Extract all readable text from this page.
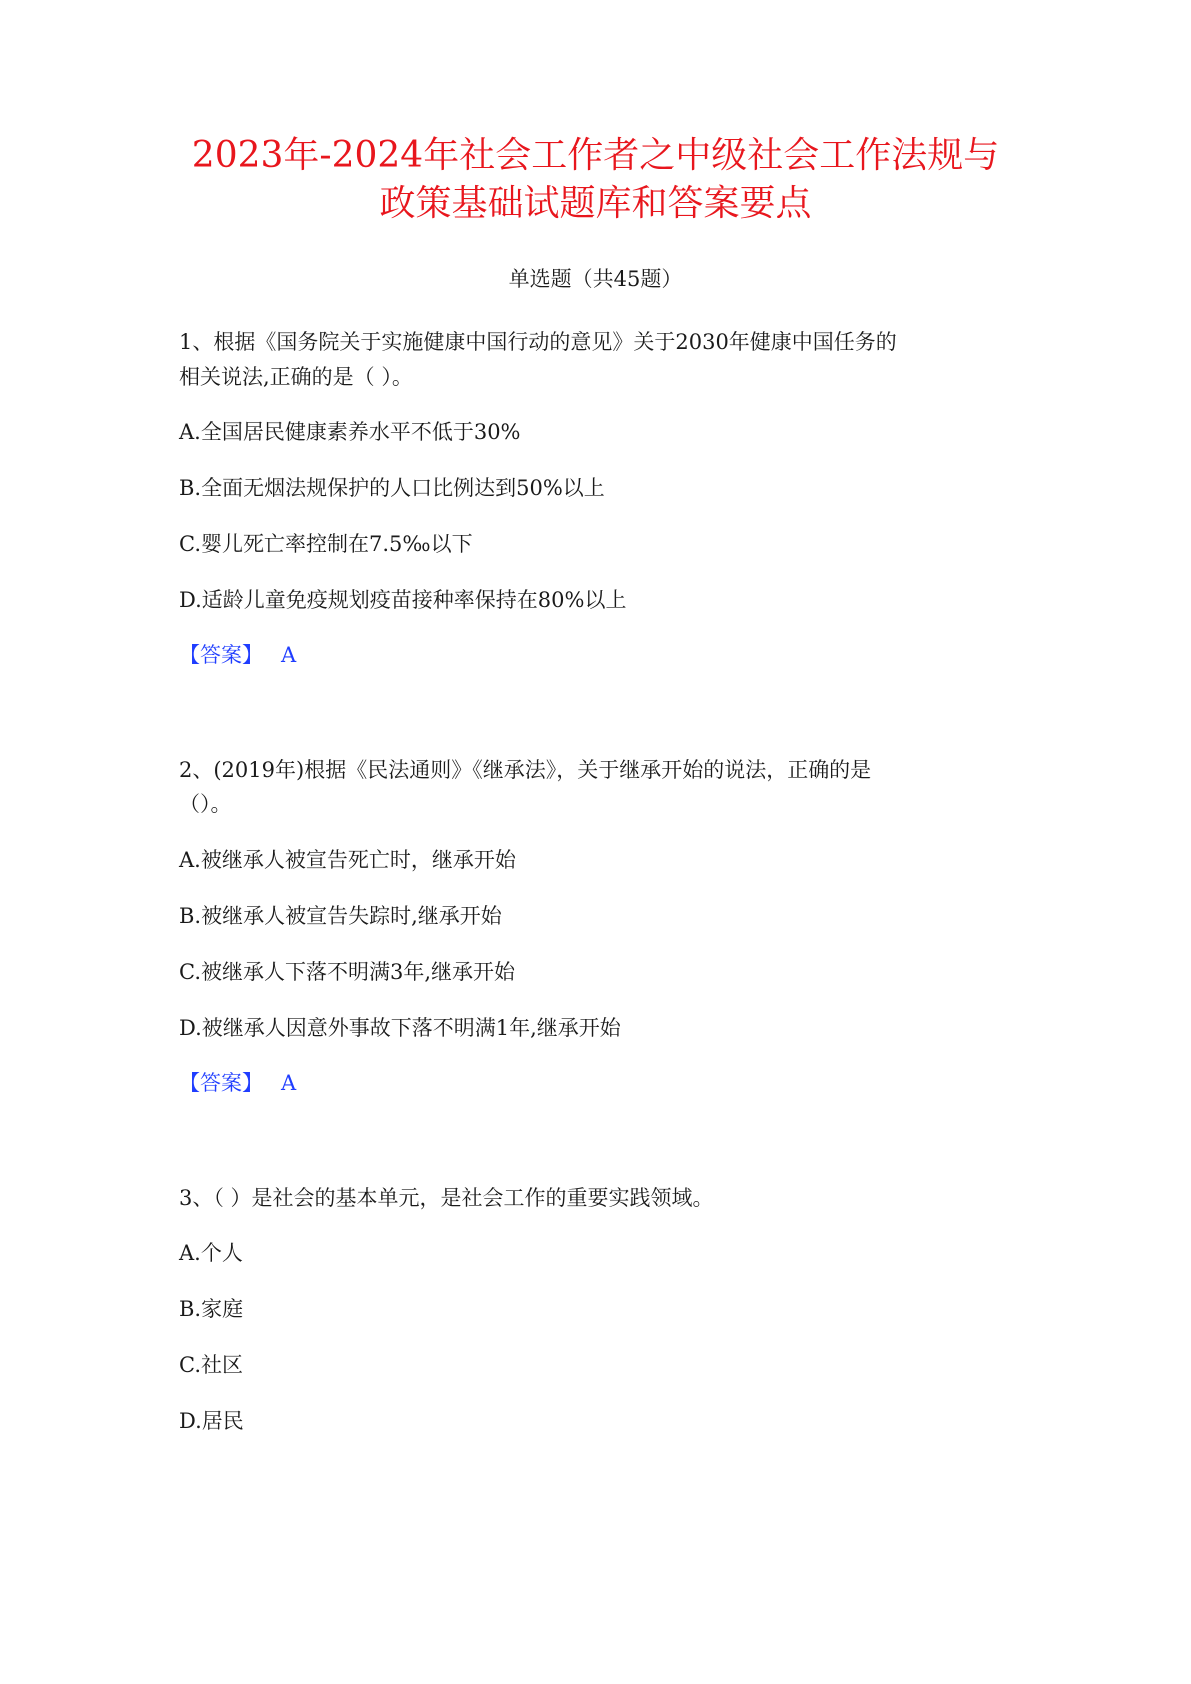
2023年-2024年社会工作者之中级社会工作法规与
政策基础试题库和答案要点
单选题（共45题）
1、根据《国务院关于实施健康中国行动的意见》关于2030年健康中国任务的
相关说法,正确的是（ ）。
A.全国居民健康素养水平不低于30%
B.全面无烟法规保护的人口比例达到50%以上
C.婴儿死亡率控制在7.5‰以下
D.适龄儿童免疫规划疫苗接种率保持在80%以上
【答案】 A
2、(2019年)根据《民法通则》《继承法》，关于继承开始的说法，正确的是
（）。
A.被继承人被宣告死亡时，继承开始
B.被继承人被宣告失踪时,继承开始
C.被继承人下落不明满3年,继承开始
D.被继承人因意外事故下落不明满1年,继承开始
【答案】 A
3、（ ）是社会的基本单元，是社会工作的重要实践领域。
A.个人
B.家庭
C.社区
D.居民
